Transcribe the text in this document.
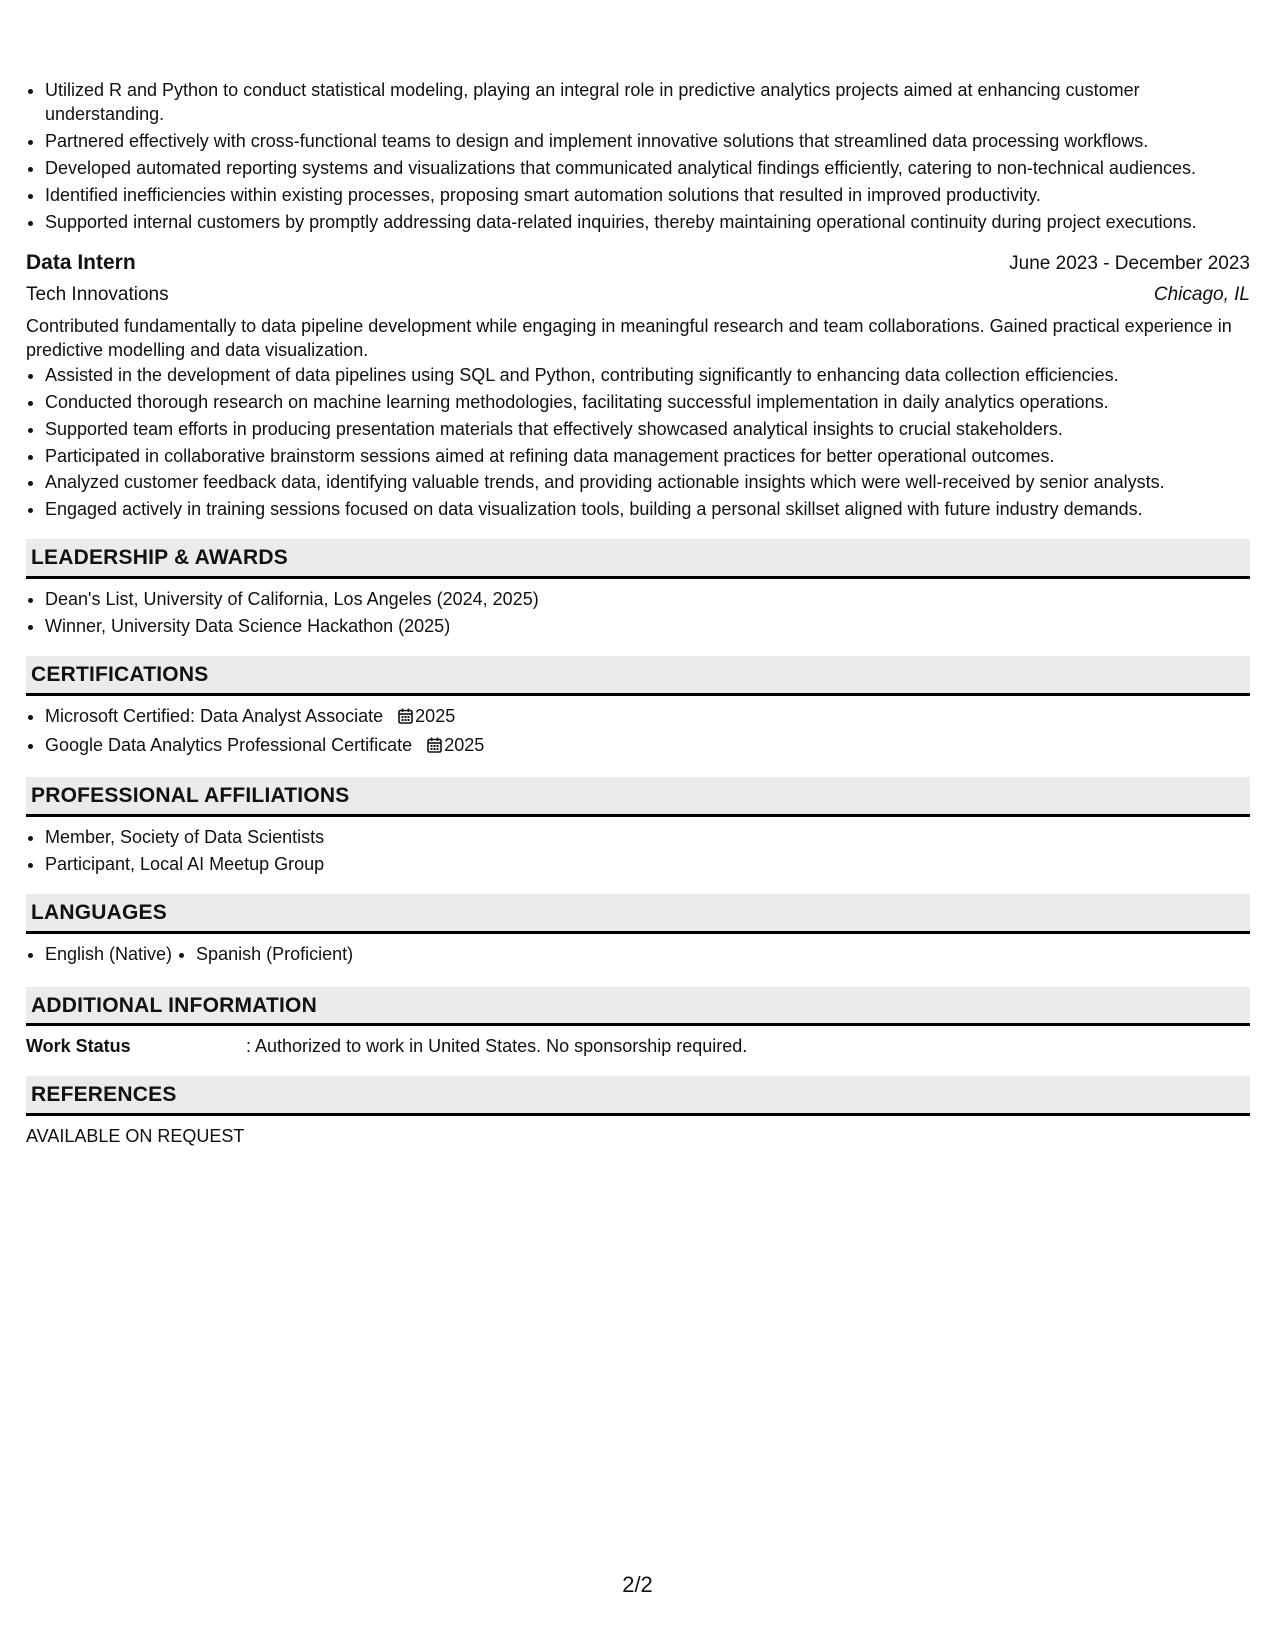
• Utilized R and Python to conduct statistical modeling, playing an integral role in predictive analytics projects aimed at enhancing customer understanding.
• Partnered effectively with cross-functional teams to design and implement innovative solutions that streamlined data processing workflows.
• Developed automated reporting systems and visualizations that communicated analytical findings efficiently, catering to non-technical audiences.
• Identified inefficiencies within existing processes, proposing smart automation solutions that resulted in improved productivity.
• Supported internal customers by promptly addressing data-related inquiries, thereby maintaining operational continuity during project executions.
Data Intern	June 2023 - December 2023
Tech Innovations	Chicago, IL
Contributed fundamentally to data pipeline development while engaging in meaningful research and team collaborations. Gained practical experience in predictive modelling and data visualization.
• Assisted in the development of data pipelines using SQL and Python, contributing significantly to enhancing data collection efficiencies.
• Conducted thorough research on machine learning methodologies, facilitating successful implementation in daily analytics operations.
• Supported team efforts in producing presentation materials that effectively showcased analytical insights to crucial stakeholders.
• Participated in collaborative brainstorm sessions aimed at refining data management practices for better operational outcomes.
• Analyzed customer feedback data, identifying valuable trends, and providing actionable insights which were well-received by senior analysts.
• Engaged actively in training sessions focused on data visualization tools, building a personal skillset aligned with future industry demands.
LEADERSHIP & AWARDS
• Dean's List, University of California, Los Angeles (2024, 2025)
• Winner, University Data Science Hackathon (2025)
CERTIFICATIONS
• Microsoft Certified: Data Analyst Associate 2025
• Google Data Analytics Professional Certificate 2025
PROFESSIONAL AFFILIATIONS
• Member, Society of Data Scientists
• Participant, Local AI Meetup Group
LANGUAGES
• English (Native)
• Spanish (Proficient)
ADDITIONAL INFORMATION
Work Status	: Authorized to work in United States. No sponsorship required.
REFERENCES
AVAILABLE ON REQUEST
2/2
